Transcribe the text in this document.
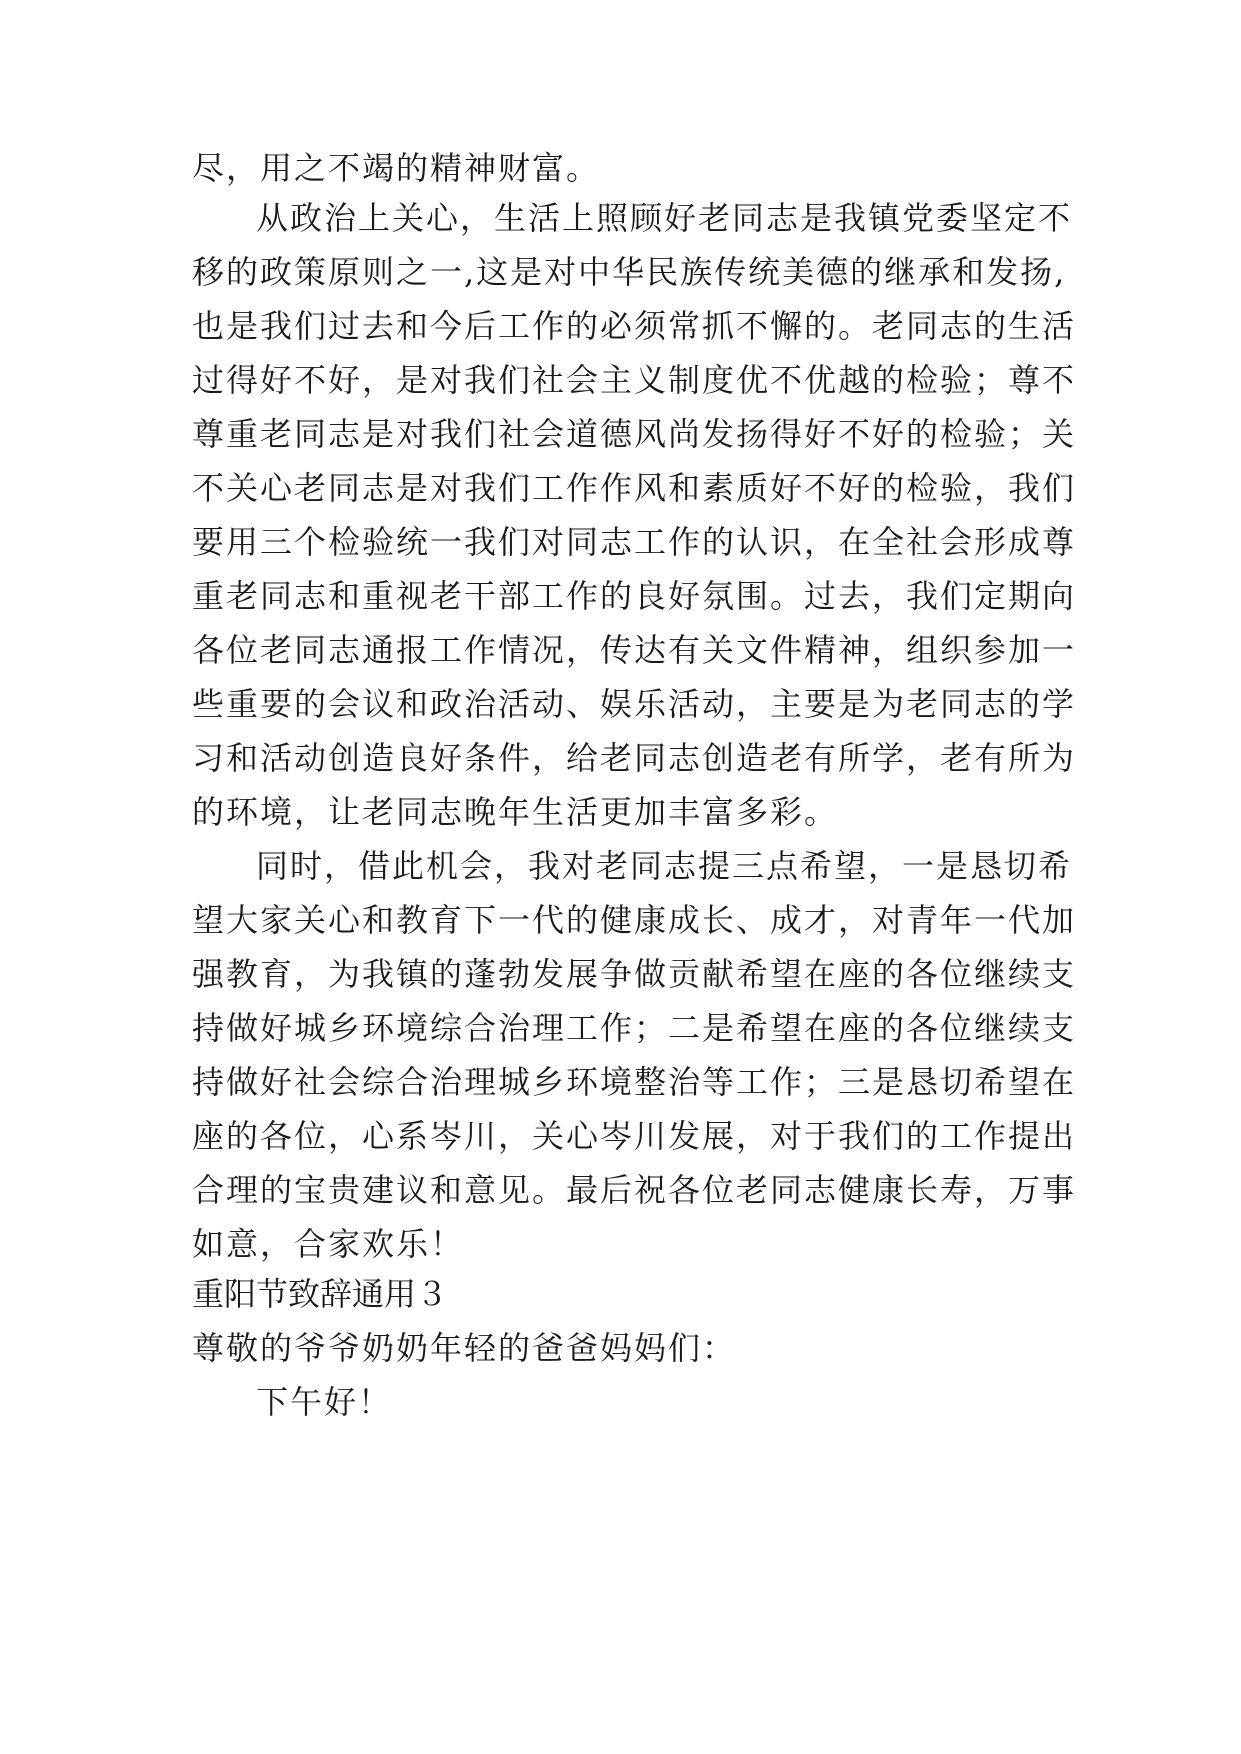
尽，用之不竭的精神财富。
从政治上关心，生活上照顾好老同志是我镇党委坚定不
移的政策原则之一,这是对中华民族传统美德的继承和发扬,
也是我们过去和今后工作的必须常抓不懈的。老同志的生活
过得好不好，是对我们社会主义制度优不优越的检验；尊不
尊重老同志是对我们社会道德风尚发扬得好不好的检验；关
不关心老同志是对我们工作作风和素质好不好的检验，我们
要用三个检验统一我们对同志工作的认识，在全社会形成尊
重老同志和重视老干部工作的良好氛围。过去，我们定期向
各位老同志通报工作情况，传达有关文件精神，组织参加一
些重要的会议和政治活动、娱乐活动，主要是为老同志的学
习和活动创造良好条件，给老同志创造老有所学，老有所为
的环境，让老同志晚年生活更加丰富多彩。
同时，借此机会，我对老同志提三点希望，一是恳切希
望大家关心和教育下一代的健康成长、成才，对青年一代加
强教育，为我镇的蓬勃发展争做贡献希望在座的各位继续支
持做好城乡环境综合治理工作；二是希望在座的各位继续支
持做好社会综合治理城乡环境整治等工作；三是恳切希望在
座的各位，心系岑川，关心岑川发展，对于我们的工作提出
合理的宝贵建议和意见。最后祝各位老同志健康长寿，万事
如意，合家欢乐！
重阳节致辞通用３
尊敬的爷爷奶奶年轻的爸爸妈妈们：
下午好！
